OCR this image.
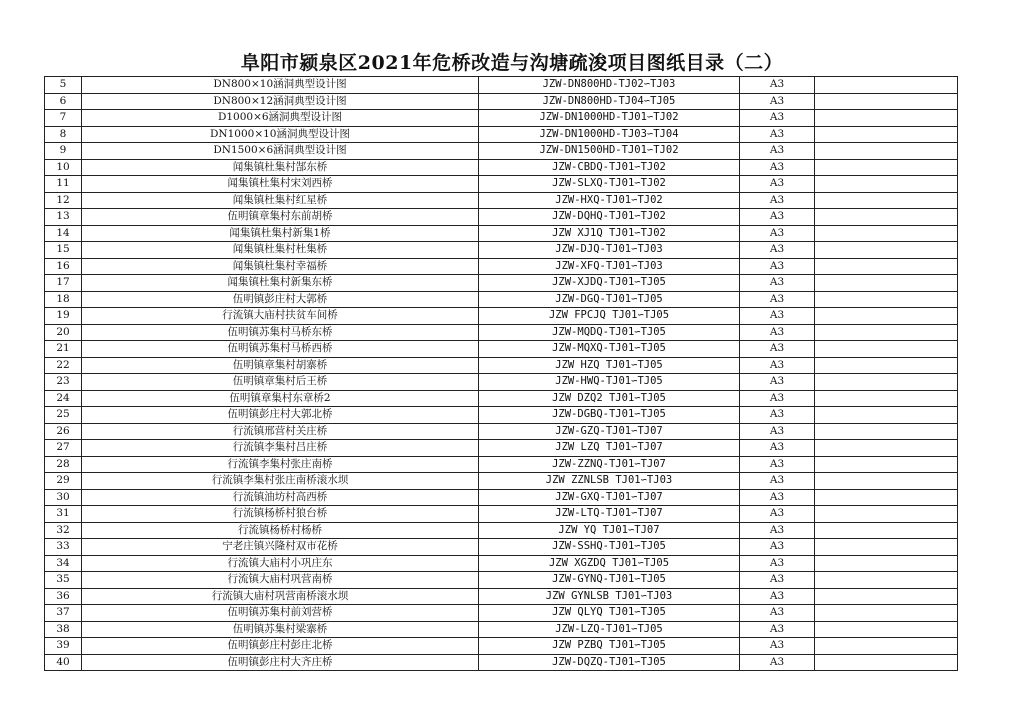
阜阳市颍泉区2021年危桥改造与沟塘疏浚项目图纸目录（二）
5	DN800×10涵洞典型设计图	JZW-DN800HD-TJ02∽TJ03	A3	
6	DN800×12涵洞典型设计图	JZW-DN800HD-TJ04∽TJ05	A3	
7	D1000×6涵洞典型设计图	JZW-DN1000HD-TJ01∽TJ02	A3	
8	DN1000×10涵洞典型设计图	JZW-DN1000HD-TJ03∽TJ04	A3	
9	DN1500×6涵洞典型设计图	JZW-DN1500HD-TJ01∽TJ02	A3	
10	闻集镇杜集村郜东桥	JZW-CBDQ-TJ01∽TJ02	A3	
11	闻集镇杜集村宋刘西桥	JZW-SLXQ-TJ01∽TJ02	A3	
12	闻集镇杜集村红星桥	JZW-HXQ-TJ01∽TJ02	A3	
13	伍明镇章集村东前胡桥	JZW-DQHQ-TJ01∽TJ02	A3	
14	闻集镇杜集村新集1桥	JZW XJ1Q TJ01∽TJ02	A3	
15	闻集镇杜集村杜集桥	JZW-DJQ-TJ01∽TJ03	A3	
16	闻集镇杜集村幸福桥	JZW-XFQ-TJ01∽TJ03	A3	
17	闻集镇杜集村新集东桥	JZW-XJDQ-TJ01∽TJ05	A3	
18	伍明镇彭庄村大郭桥	JZW-DGQ-TJ01∽TJ05	A3	
19	行流镇大庙村扶贫车间桥	JZW FPCJQ TJ01∽TJ05	A3	
20	伍明镇苏集村马桥东桥	JZW-MQDQ-TJ01∽TJ05	A3	
21	伍明镇苏集村马桥西桥	JZW-MQXQ-TJ01∽TJ05	A3	
22	伍明镇章集村胡寨桥	JZW HZQ TJ01∽TJ05	A3	
23	伍明镇章集村后王桥	JZW-HWQ-TJ01∽TJ05	A3	
24	伍明镇章集村东章桥2	JZW DZQ2 TJ01∽TJ05	A3	
25	伍明镇彭庄村大郭北桥	JZW-DGBQ-TJ01∽TJ05	A3	
26	行流镇邢营村关庄桥	JZW-GZQ-TJ01∽TJ07	A3	
27	行流镇李集村吕庄桥	JZW LZQ TJ01∽TJ07	A3	
28	行流镇李集村张庄南桥	JZW-ZZNQ-TJ01∽TJ07	A3	
29	行流镇李集村张庄南桥滚水坝	JZW ZZNLSB TJ01∽TJ03	A3	
30	行流镇油坊村高西桥	JZW-GXQ-TJ01∽TJ07	A3	
31	行流镇杨桥村狼台桥	JZW-LTQ-TJ01∽TJ07	A3	
32	行流镇杨桥村杨桥	JZW YQ TJ01∽TJ07	A3	
33	宁老庄镇兴隆村双市花桥	JZW-SSHQ-TJ01∽TJ05	A3	
34	行流镇大庙村小巩庄东	JZW XGZDQ TJ01∽TJ05	A3	
35	行流镇大庙村巩营南桥	JZW-GYNQ-TJ01∽TJ05	A3	
36	行流镇大庙村巩营南桥滚水坝	JZW GYNLSB TJ01∽TJ03	A3	
37	伍明镇苏集村前刘营桥	JZW QLYQ TJ01∽TJ05	A3	
38	伍明镇苏集村梁寨桥	JZW-LZQ-TJ01∽TJ05	A3	
39	伍明镇彭庄村彭庄北桥	JZW PZBQ TJ01∽TJ05	A3	
40	伍明镇彭庄村大齐庄桥	JZW-DQZQ-TJ01∽TJ05	A3	
